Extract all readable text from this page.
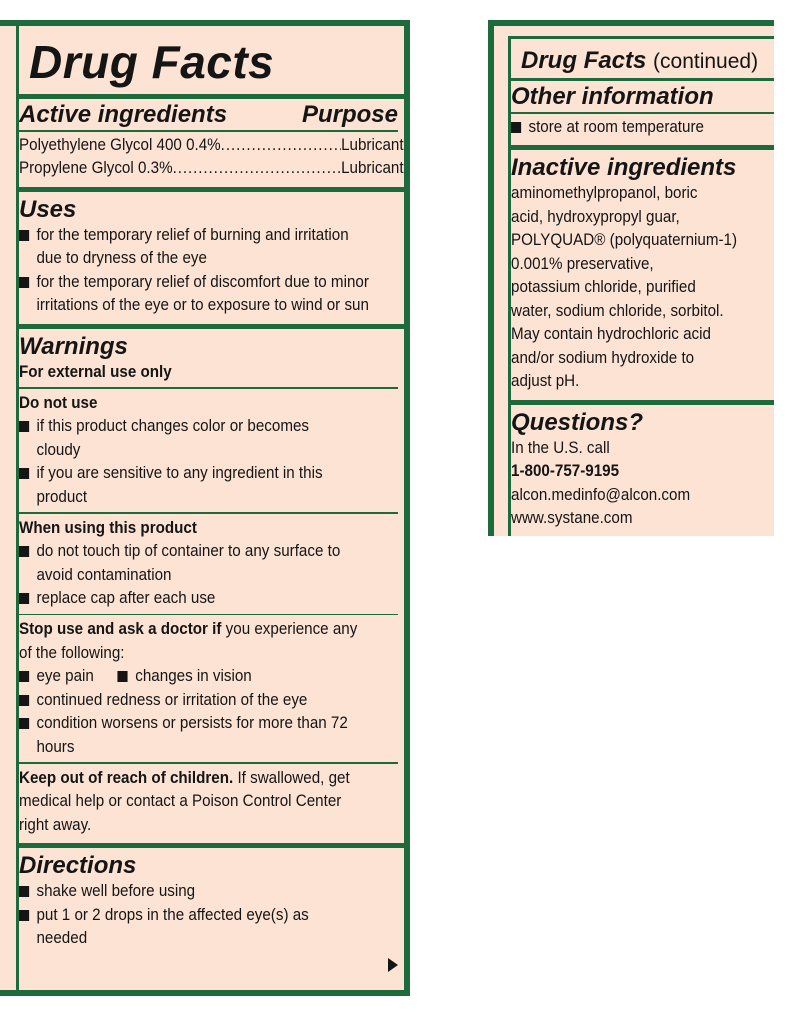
Drug Facts
Active ingredients	Purpose
Polyethylene Glycol 400 0.4% .....	Lubricant
Propylene Glycol 0.3% .....	Lubricant
Uses
for the temporary relief of burning and irritation due to dryness of the eye
for the temporary relief of discomfort due to minor irritations of the eye or to exposure to wind or sun
Warnings
For external use only
Do not use
if this product changes color or becomes cloudy
if you are sensitive to any ingredient in this product
When using this product
do not touch tip of container to any surface to avoid contamination
replace cap after each use
Stop use and ask a doctor if you experience any of the following:
eye pain	changes in vision
continued redness or irritation of the eye
condition worsens or persists for more than 72 hours
Keep out of reach of children. If swallowed, get medical help or contact a Poison Control Center right away.
Directions
shake well before using
put 1 or 2 drops in the affected eye(s) as needed
Drug Facts (continued)
Other information
store at room temperature
Inactive ingredients
aminomethylpropanol, boric
acid, hydroxypropyl guar,
POLYQUAD® (polyquaternium-1)
0.001% preservative,
potassium chloride, purified
water, sodium chloride, sorbitol.
May contain hydrochloric acid
and/or sodium hydroxide to
adjust pH.
Questions?
In the U.S. call
1-800-757-9195
alcon.medinfo@alcon.com
www.systane.com
